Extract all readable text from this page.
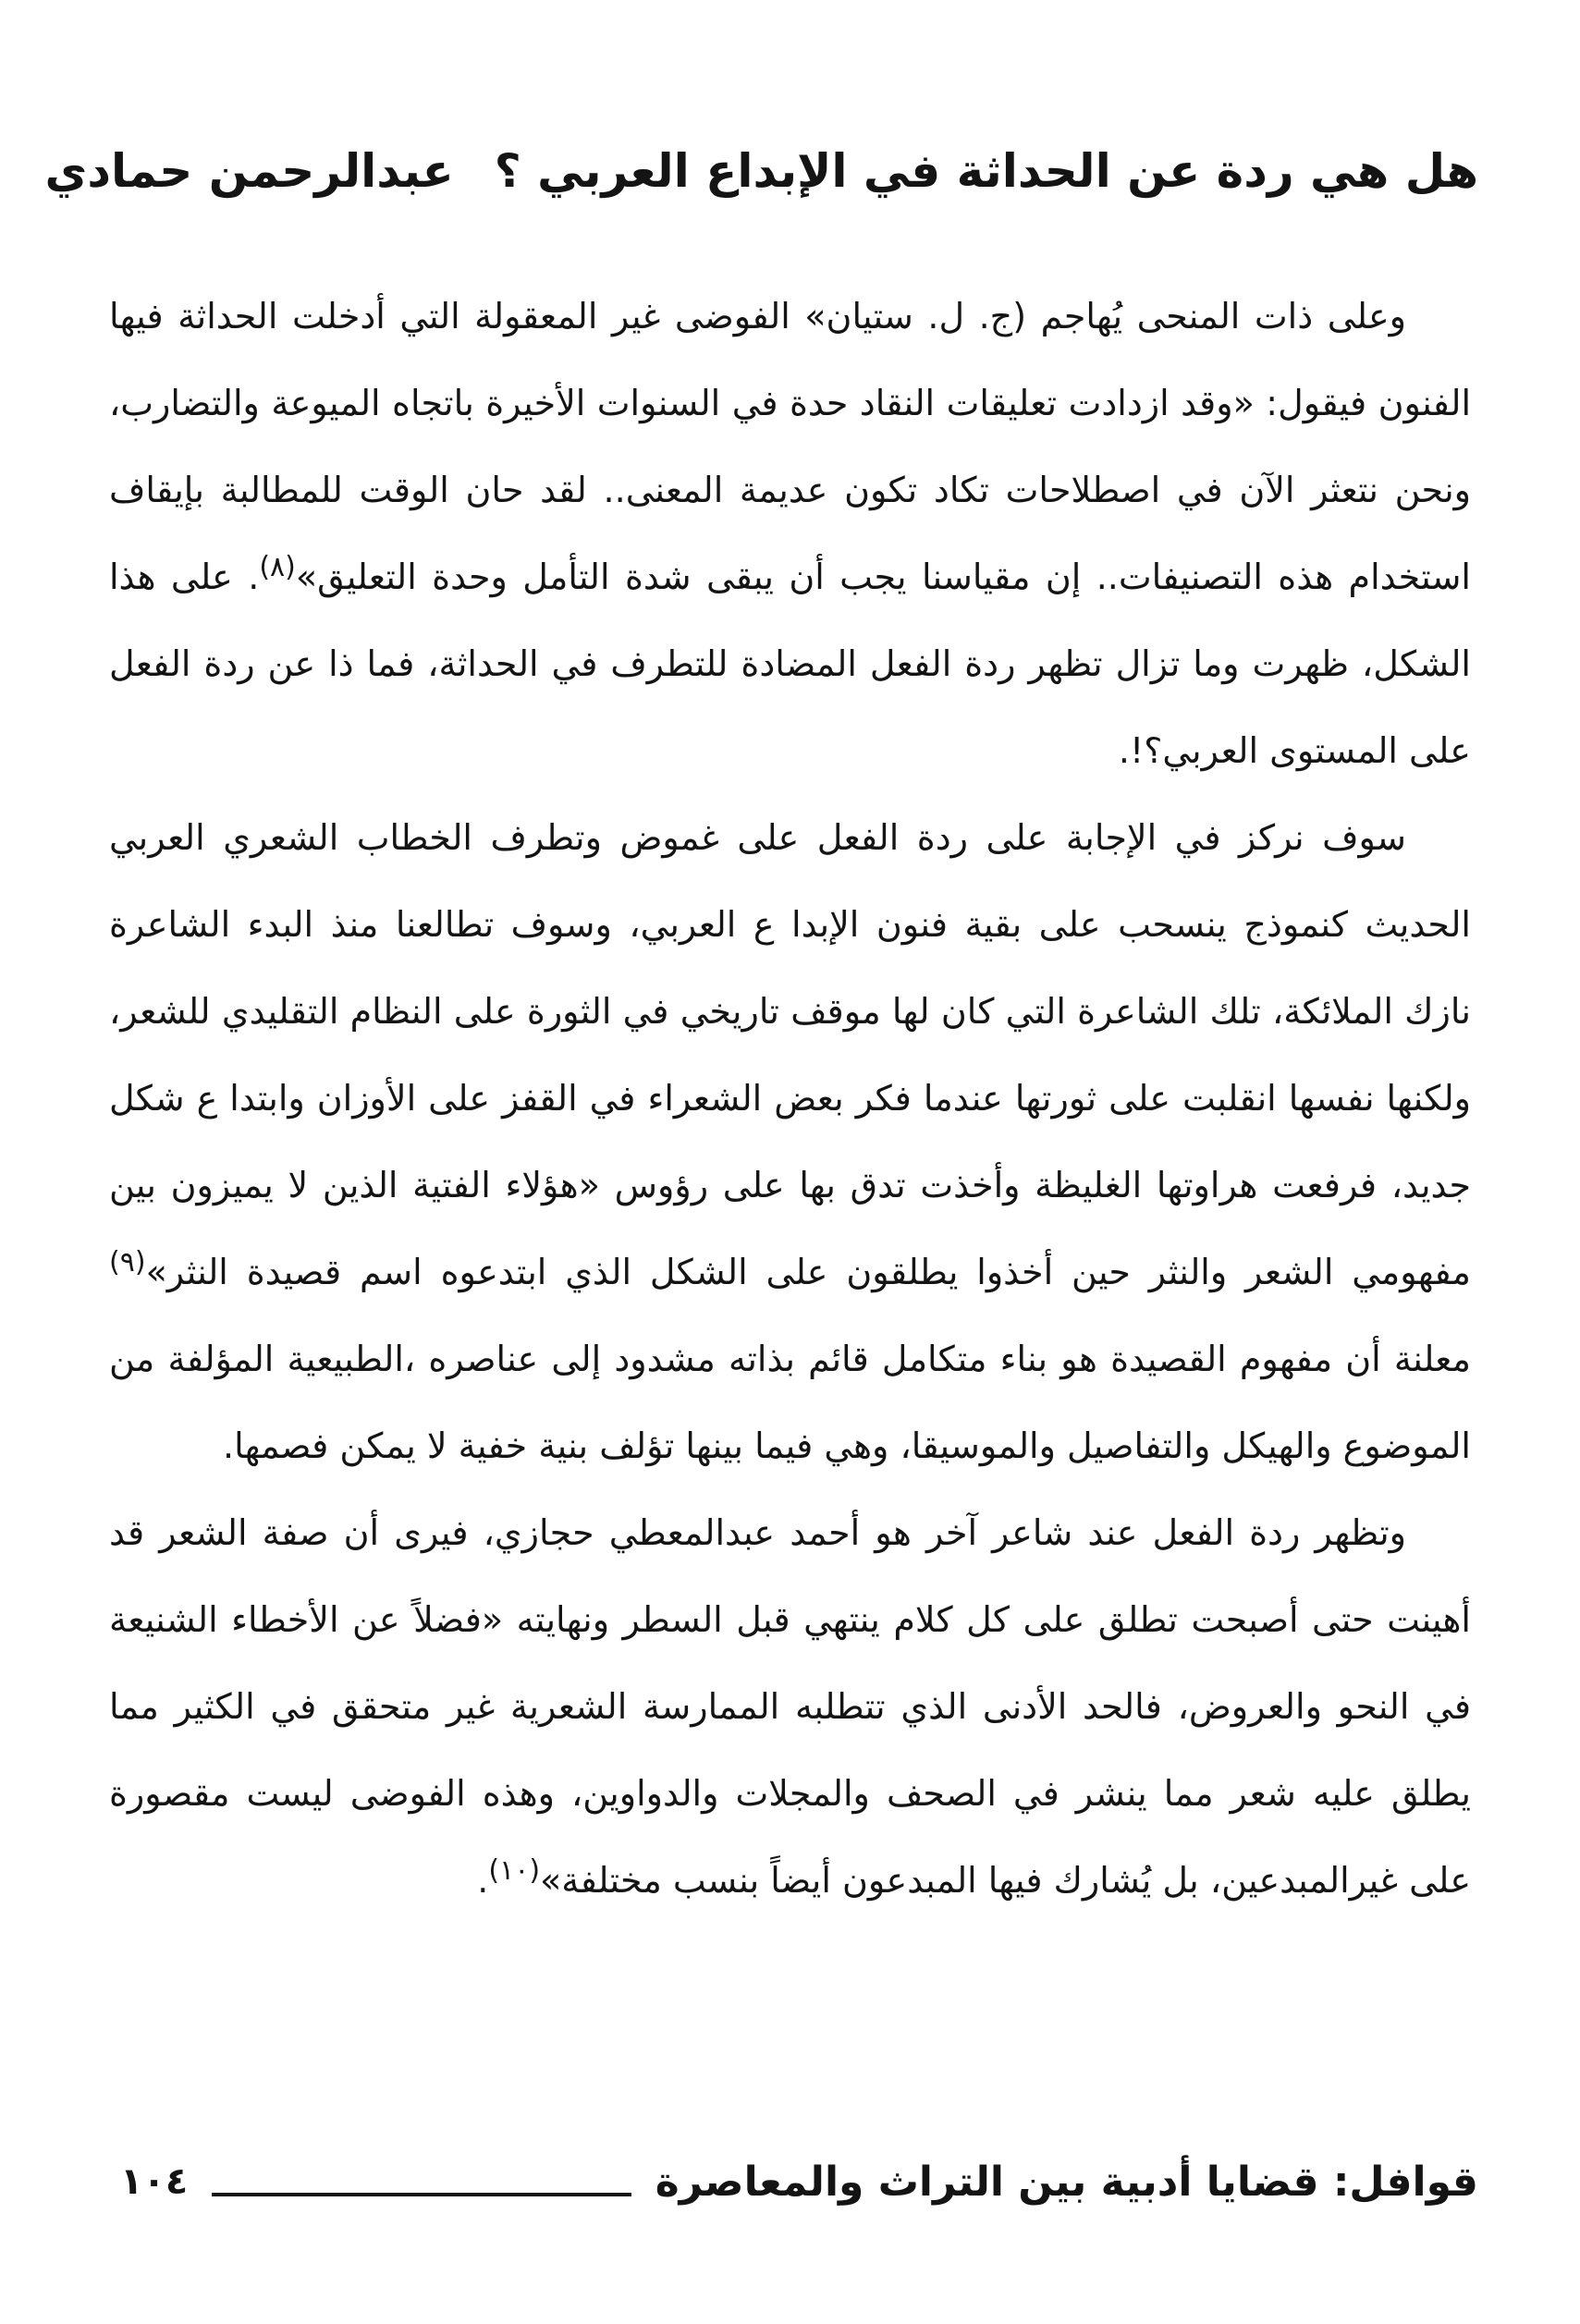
هل هي ردة عن الحداثة في الإبداع العربي ؟
عبدالرحمن حمادي

وعلى ذات المنحى يُهاجم (ج. ل. ستيان» الفوضى غير المعقولة التي أدخلت الحداثة فيها الفنون فيقول: «وقد ازدادت تعليقات النقاد حدة في السنوات الأخيرة باتجاه الميوعة والتضارب، ونحن نتعثر الآن في اصطلاحات تكاد تكون عديمة المعنى.. لقد حان الوقت للمطالبة بإيقاف استخدام هذه التصنيفات.. إن مقياسنا يجب أن يبقى شدة التأمل وحدة التعليق»$^{(٨)}$. على هذا الشكل، ظهرت وما تزال تظهر ردة الفعل المضادة للتطرف في الحداثة، فما ذا عن ردة الفعل على المستوى العربي؟!.

سوف نركز في الإجابة على ردة الفعل على غموض وتطرف الخطاب الشعري العربي الحديث كنموذج ينسحب على بقية فنون الإبدا ع العربي، وسوف تطالعنا منذ البدء الشاعرة نازك الملائكة، تلك الشاعرة التي كان لها موقف تاريخي في الثورة على النظام التقليدي للشعر، ولكنها نفسها انقلبت على ثورتها عندما فكر بعض الشعراء في القفز على الأوزان وابتدا ع شكل جديد، فرفعت هراوتها الغليظة وأخذت تدق بها على رؤوس «هؤلاء الفتية الذين لا يميزون بين مفهومي الشعر والنثر حين أخذوا يطلقون على الشكل الذي ابتدعوه اسم قصيدة النثر»$^{(٩)}$ معلنة أن مفهوم القصيدة هو بناء متكامل قائم بذاته مشدود إلى عناصره ،الطبيعية المؤلفة من الموضوع والهيكل والتفاصيل والموسيقا، وهي فيما بينها تؤلف بنية خفية لا يمكن فصمها.

وتظهر ردة الفعل عند شاعر آخر هو أحمد عبدالمعطي حجازي، فيرى أن صفة الشعر قد أهينت حتى أصبحت تطلق على كل كلام ينتهي قبل السطر ونهايته «فضلاً عن الأخطاء الشنيعة في النحو والعروض، فالحد الأدنى الذي تتطلبه الممارسة الشعرية غير متحقق في الكثير مما يطلق عليه شعر مما ينشر في الصحف والمجلات والدواوين، وهذه الفوضى ليست مقصورة على غيرالمبدعين، بل يُشارك فيها المبدعون أيضاً بنسب مختلفة»$^{(١٠)}$.

قوافل: قضايا أدبية بين التراث والمعاصرة
١٠٤
